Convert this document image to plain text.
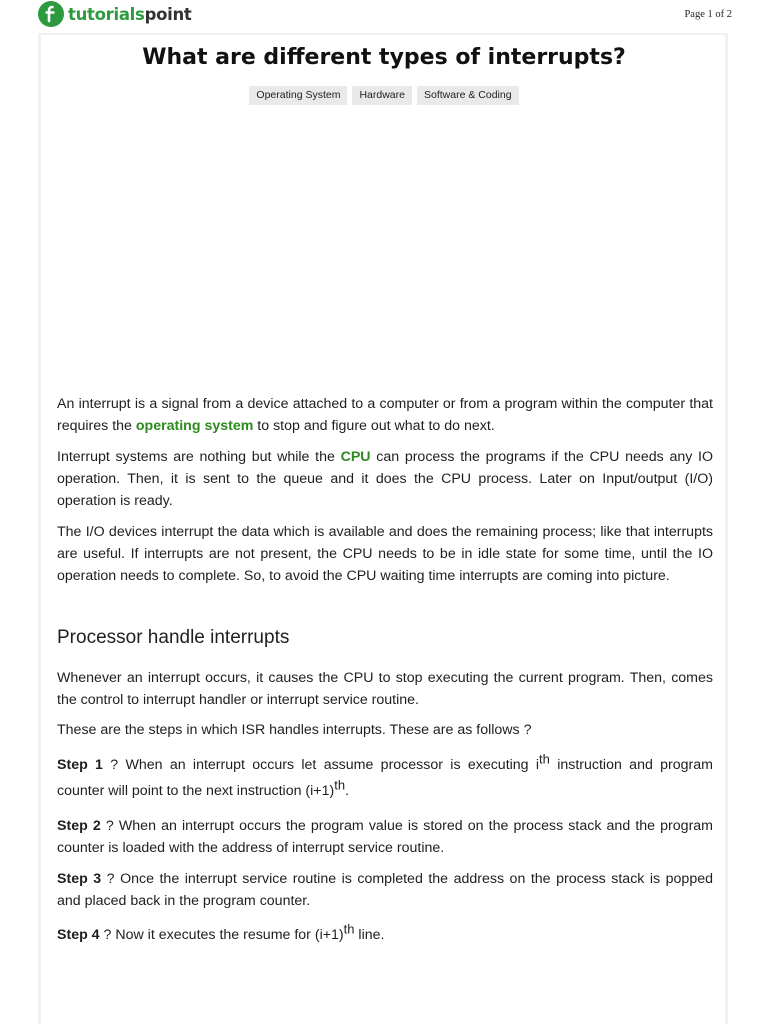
tutorialspoint	Page 1 of 2
What are different types of interrupts?
Operating System	Hardware	Software & Coding

An interrupt is a signal from a device attached to a computer or from a program within the computer that requires the operating system to stop and figure out what to do next.

Interrupt systems are nothing but while the CPU can process the programs if the CPU needs any IO operation. Then, it is sent to the queue and it does the CPU process. Later on Input/output (I/O) operation is ready.

The I/O devices interrupt the data which is available and does the remaining process; like that interrupts are useful. If interrupts are not present, the CPU needs to be in idle state for some time, until the IO operation needs to complete. So, to avoid the CPU waiting time interrupts are coming into picture.

Processor handle interrupts

Whenever an interrupt occurs, it causes the CPU to stop executing the current program. Then, comes the control to interrupt handler or interrupt service routine.

These are the steps in which ISR handles interrupts. These are as follows ?

Step 1 ? When an interrupt occurs let assume processor is executing $i^{th}$ instruction and program counter will point to the next instruction $(i+1)^{th}$.

Step 2 ? When an interrupt occurs the program value is stored on the process stack and the program counter is loaded with the address of interrupt service routine.

Step 3 ? Once the interrupt service routine is completed the address on the process stack is popped and placed back in the program counter.

Step 4 ? Now it executes the resume for $(i+1)^{th}$ line.
